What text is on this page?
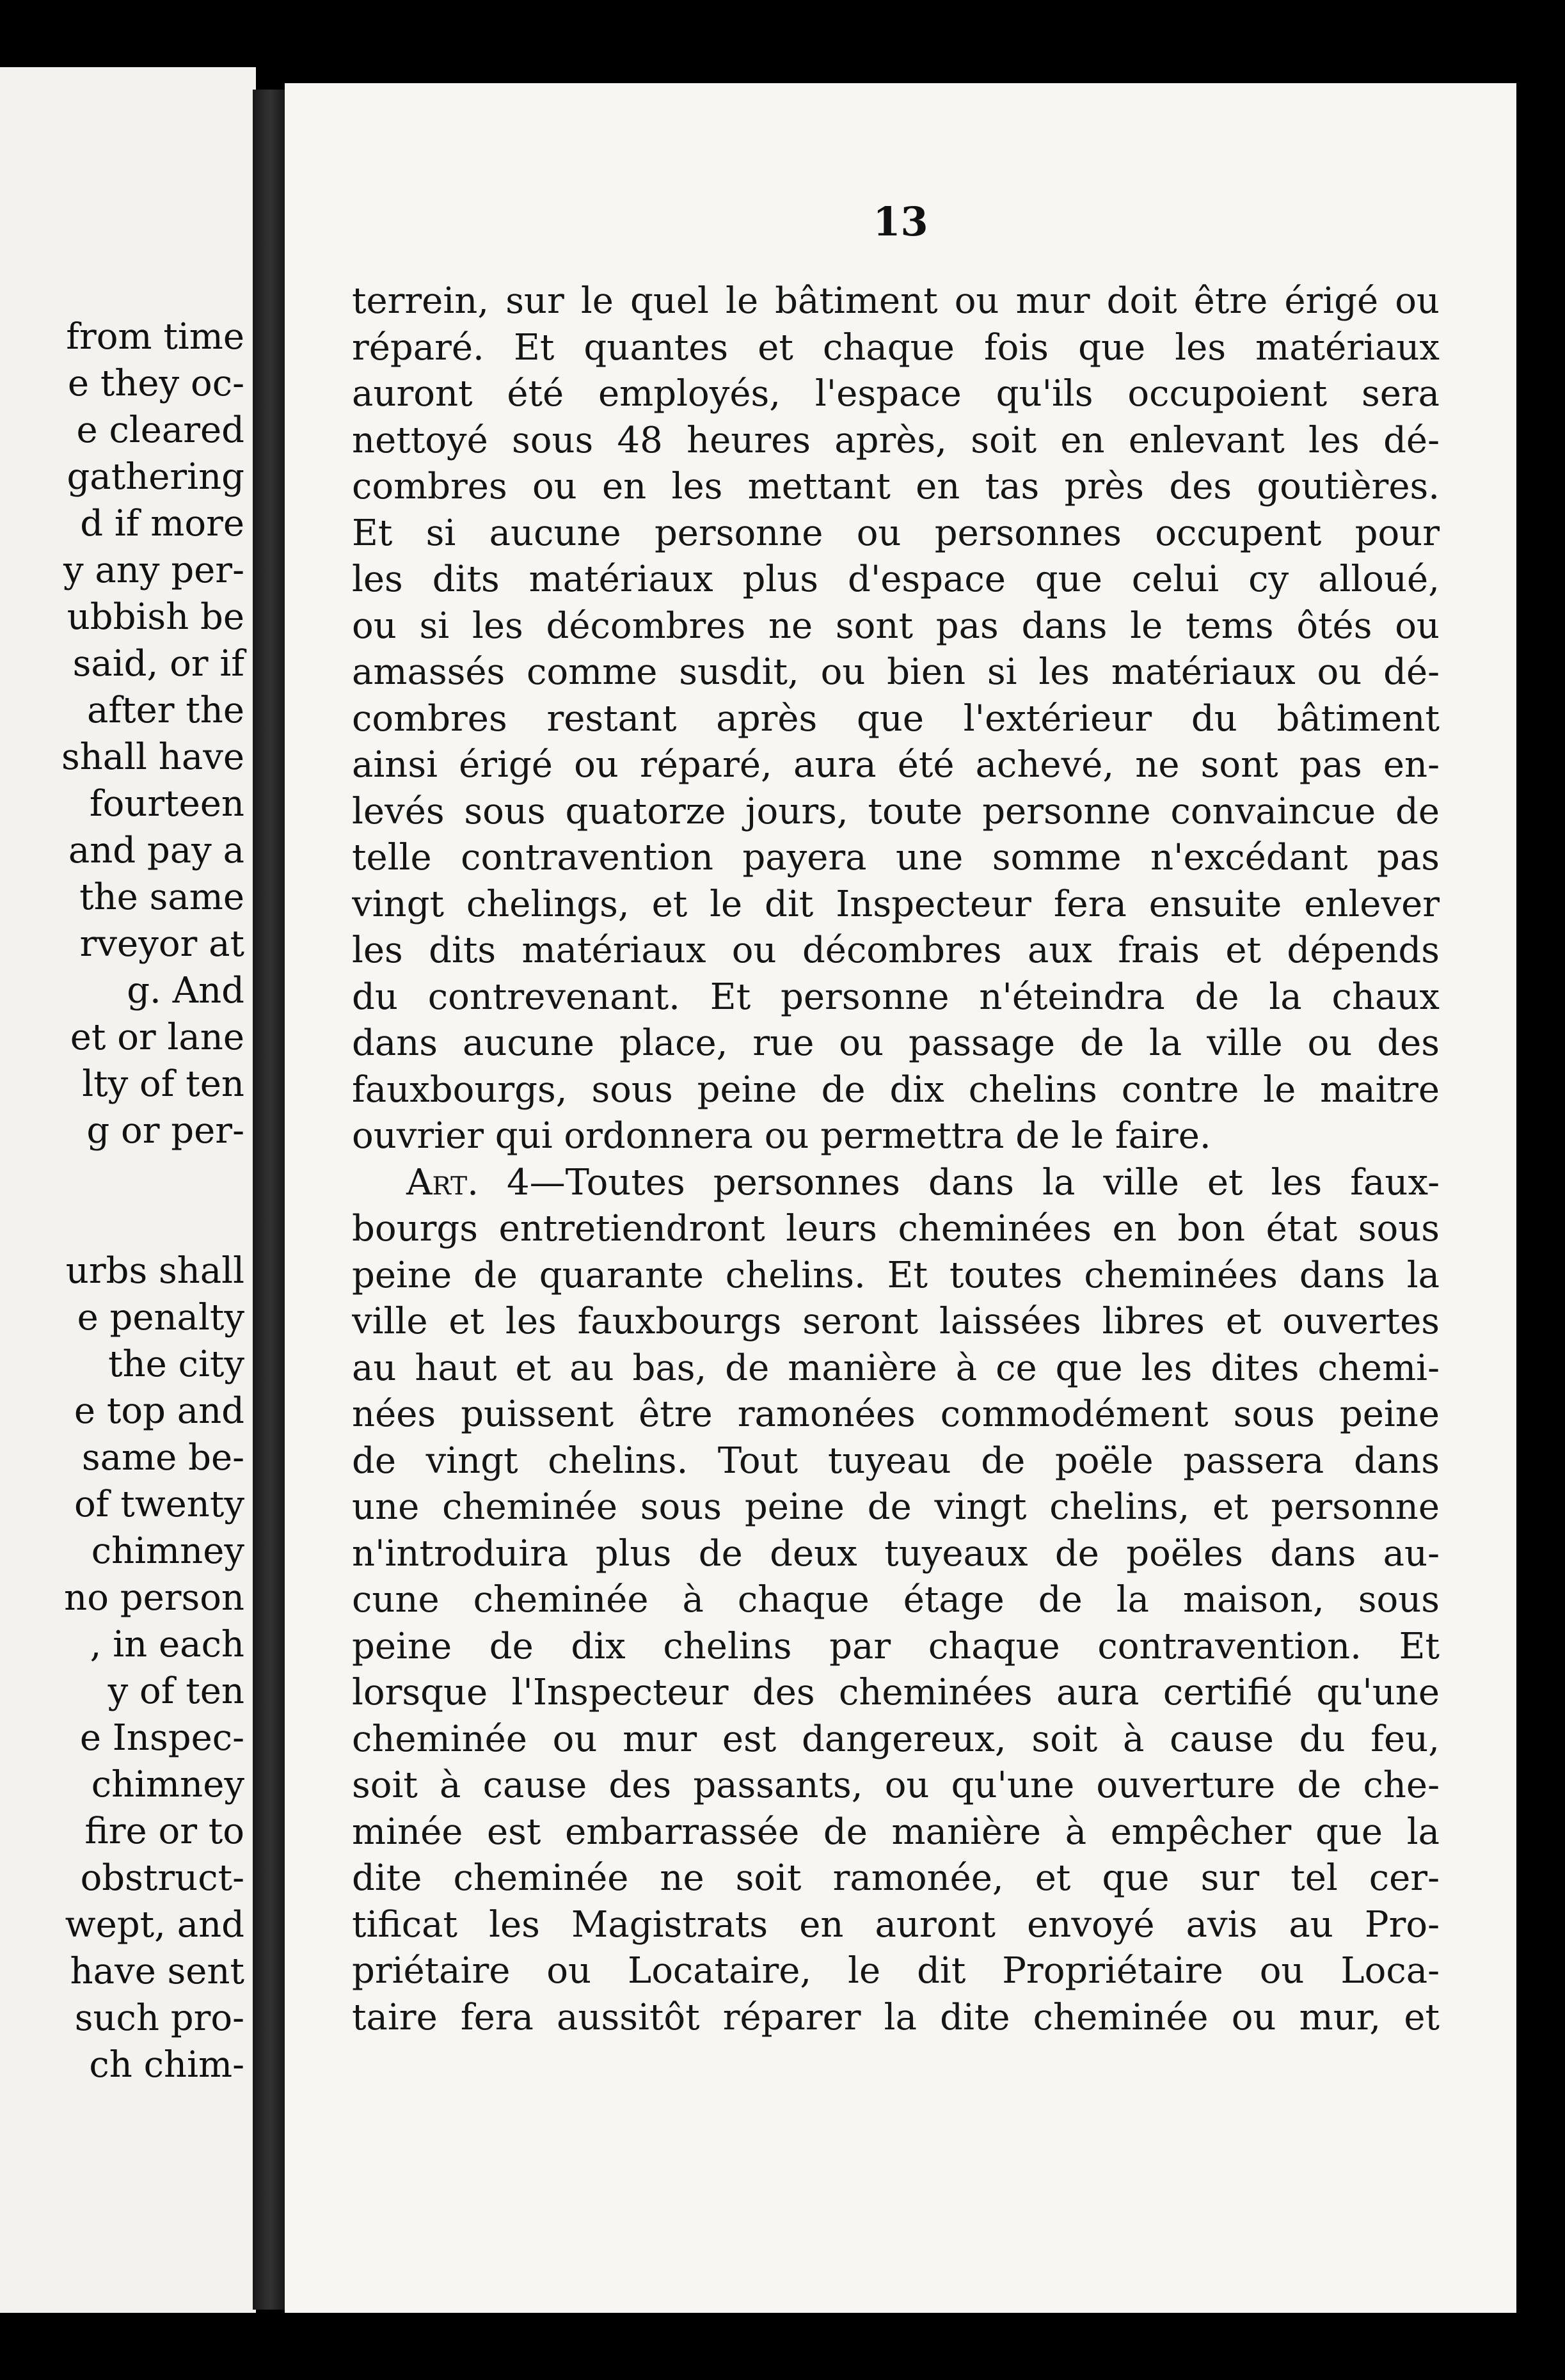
from time
e they oc-
e cleared
gathering
d if more
y any per-
ubbish be
said, or if
after the
shall have
fourteen
and pay a
the same
rveyor at
g. And
et or lane
lty of ten
g or per-
urbs shall
e penalty
the city
e top and
same be-
of twenty
chimney
no person
, in each
y of ten
e Inspec-
chimney
fire or to
obstruct-
wept, and
have sent
such pro-
ch chim-
13
terrein, sur le quel le bâtiment ou mur doit être érigé ou
réparé. Et quantes et chaque fois que les matériaux
auront été employés, l'espace qu'ils occupoient sera
nettoyé sous 48 heures après, soit en enlevant les dé-
combres ou en les mettant en tas près des goutières.
Et si aucune personne ou personnes occupent pour
les dits matériaux plus d'espace que celui cy alloué,
ou si les décombres ne sont pas dans le tems ôtés ou
amassés comme susdit, ou bien si les matériaux ou dé-
combres restant après que l'extérieur du bâtiment
ainsi érigé ou réparé, aura été achevé, ne sont pas en-
levés sous quatorze jours, toute personne convaincue de
telle contravention payera une somme n'excédant pas
vingt chelings, et le dit Inspecteur fera ensuite enlever
les dits matériaux ou décombres aux frais et dépends
du contrevenant. Et personne n'éteindra de la chaux
dans aucune place, rue ou passage de la ville ou des
fauxbourgs, sous peine de dix chelins contre le maitre
ouvrier qui ordonnera ou permettra de le faire.
Art. 4—Toutes personnes dans la ville et les faux-
bourgs entretiendront leurs cheminées en bon état sous
peine de quarante chelins. Et toutes cheminées dans la
ville et les fauxbourgs seront laissées libres et ouvertes
au haut et au bas, de manière à ce que les dites chemi-
nées puissent être ramonées commodément sous peine
de vingt chelins. Tout tuyeau de poële passera dans
une cheminée sous peine de vingt chelins, et personne
n'introduira plus de deux tuyeaux de poëles dans au-
cune cheminée à chaque étage de la maison, sous
peine de dix chelins par chaque contravention. Et
lorsque l'Inspecteur des cheminées aura certifié qu'une
cheminée ou mur est dangereux, soit à cause du feu,
soit à cause des passants, ou qu'une ouverture de che-
minée est embarrassée de manière à empêcher que la
dite cheminée ne soit ramonée, et que sur tel cer-
tificat les Magistrats en auront envoyé avis au Pro-
priétaire ou Locataire, le dit Propriétaire ou Loca-
taire fera aussitôt réparer la dite cheminée ou mur, et
